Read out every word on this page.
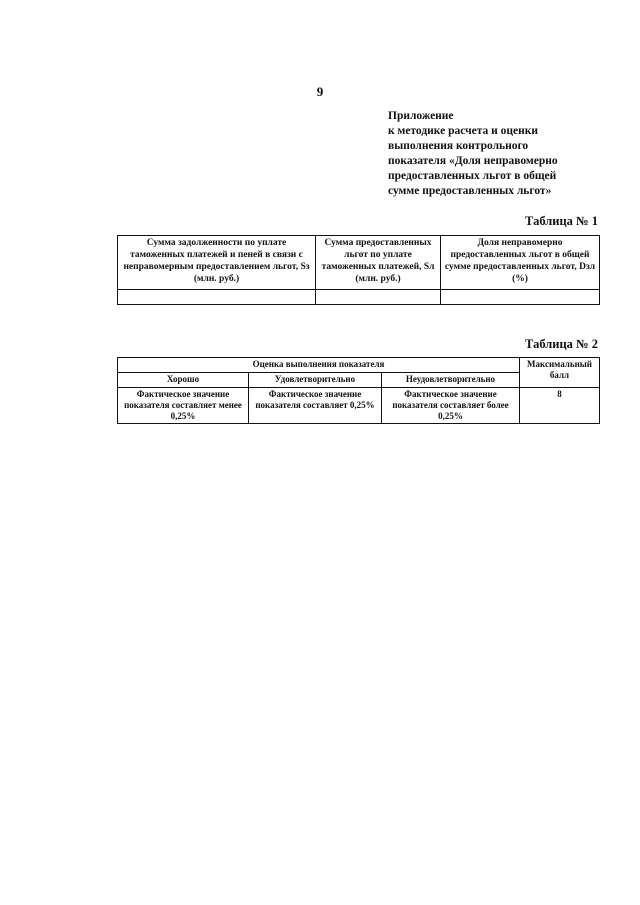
9
Приложение
к методике расчета и оценки
выполнения контрольного
показателя «Доля неправомерно
предоставленных льгот в общей
сумме предоставленных льгот»
Таблица № 1
Сумма задолженности по уплате таможенных платежей и пеней в связи с неправомерным предоставлением льгот, Sз (млн. руб.)	Сумма предоставленных льгот по уплате таможенных платежей, Sл (млн. руб.)	Доля неправомерно предоставленных льгот в общей сумме предоставленных льгот, Dзл (%)

Таблица № 2
Оценка выполнения показателя			Максимальный балл
Хорошо	Удовлетворительно	Неудовлетворительно	
Фактическое значение показателя составляет менее 0,25%	Фактическое значение показателя составляет 0,25%	Фактическое значение показателя составляет более 0,25%	8
